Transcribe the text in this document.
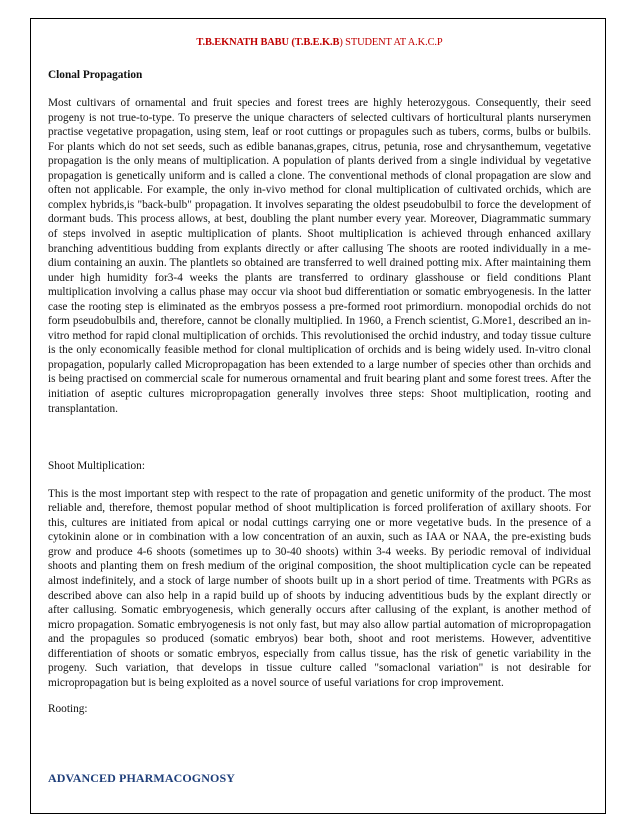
T.B.EKNATH BABU (T.B.E.K.B) STUDENT AT A.K.C.P
Clonal Propagation

Most cultivars of ornamental and fruit species and forest trees are highly heterozygous. Consequently, their seed progeny is not true-to-type. To preserve the unique characters of selected cultivars of horticultural plants nurserymen practise vegetative propagation, using stem, leaf or root cuttings or propagules such as tubers, corms, bulbs or bulbils. For plants which do not set seeds, such as edible bananas,grapes, citrus, petunia, rose and chrysanthemum, vegetative propagation is the only means of multiplication. A population of plants derived from a single individual by vegetative propagation is genetically uniform and is called a clone. The conventional methods of clonal propagation are slow and often not applicable. For example, the only in-vivo method for clonal multiplication of cultivated orchids, which are complex hybrids,is "back-bulb" propagation. It involves separating the oldest pseudobulbil to force the development of dormant buds. This process allows, at best, doubling the plant number every year. Moreover, Diagrammatic summary of steps involved in aseptic multiplication of plants. Shoot multiplication is achieved through enhanced axillary branching adventitious budding from explants directly or after callusing The shoots are rooted individually in a me- dium containing an auxin. The plantlets so obtained are transferred to well drained potting mix. After maintaining them under high humidity for3-4 weeks the plants are transferred to ordinary glasshouse or field conditions Plant multiplication involving a callus phase may occur via shoot bud differentiation or somatic embryogenesis. In the latter case the rooting step is eliminated as the embryos possess a pre-formed root primordiurn. monopodial orchids do not form pseudobulbils and, therefore, cannot be clonally multiplied. In 1960, a French scientist, G.More1, described an in-vitro method for rapid clonal multiplication of orchids. This revolutionised the orchid industry, and today tissue culture is the only economically feasible method for clonal multiplication of orchids and is being widely used. In-vitro clonal propagation, popularly called Micropropagation has been extended to a large number of species other than orchids and is being practised on commercial scale for numerous ornamental and fruit bearing plant and some forest trees. After the initiation of aseptic cultures micropropagation generally involves three steps: Shoot multiplication, rooting and transplantation.

Shoot Multiplication:

This is the most important step with respect to the rate of propagation and genetic uniformity of the product. The most reliable and, therefore, themost popular method of shoot multiplication is forced proliferation of axillary shoots. For this, cultures are initiated from apical or nodal cuttings carrying one or more vegetative buds. In the presence of a cytokinin alone or in combination with a low concentration of an auxin, such as IAA or NAA, the pre-existing buds grow and produce 4-6 shoots (sometimes up to 30-40 shoots) within 3-4 weeks. By periodic removal of individual shoots and planting them on fresh medium of the original composition, the shoot multiplication cycle can be repeated almost indefinitely, and a stock of large number of shoots built up in a short period of time. Treatments with PGRs as described above can also help in a rapid build up of shoots by inducing adventitious buds by the explant directly or after callusing. Somatic embryogenesis, which generally occurs after callusing of the explant, is another method of micro propagation. Somatic embryogenesis is not only fast, but may also allow partial automation of micropropagation and the propagules so produced (somatic embryos) bear both, shoot and root meristems. However, adventitive differentiation of shoots or somatic embryos, especially from callus tissue, has the risk of genetic variability in the progeny. Such variation, that develops in tissue culture called "somaclonal variation" is not desirable for micropropagation but is being exploited as a novel source of useful variations for crop improvement.

Rooting:
ADVANCED PHARMACOGNOSY
